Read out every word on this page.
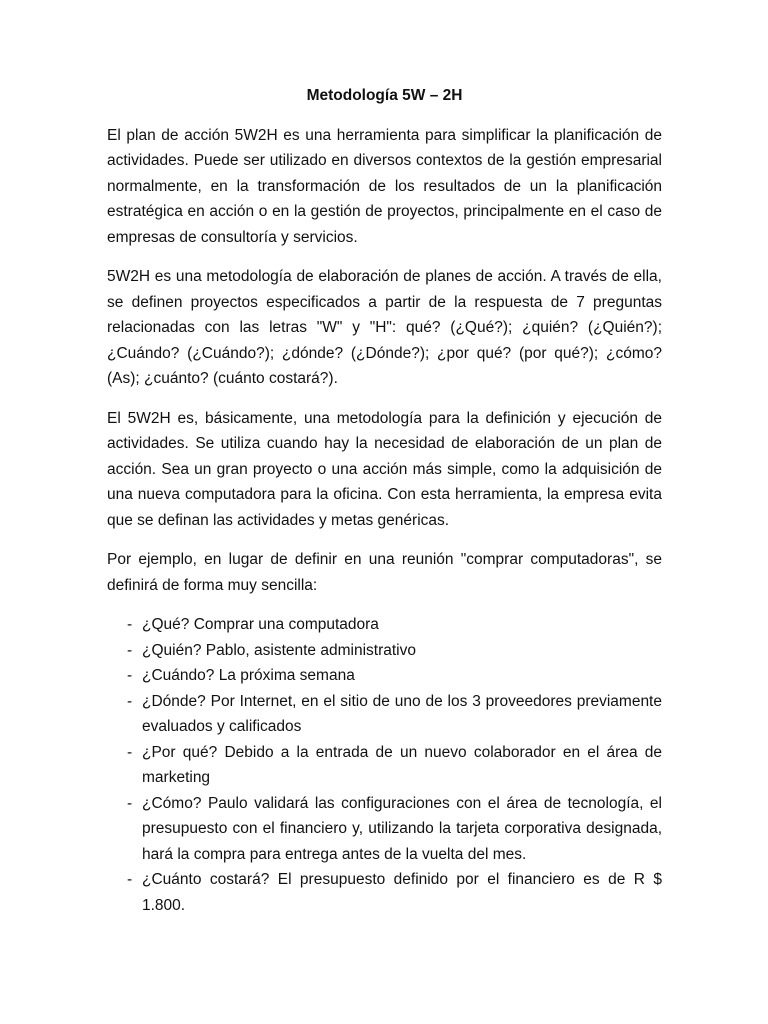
Metodología 5W – 2H

El plan de acción 5W2H es una herramienta para simplificar la planificación de actividades. Puede ser utilizado en diversos contextos de la gestión empresarial normalmente, en la transformación de los resultados de un la planificación estratégica en acción o en la gestión de proyectos, principalmente en el caso de empresas de consultoría y servicios.

5W2H es una metodología de elaboración de planes de acción. A través de ella, se definen proyectos especificados a partir de la respuesta de 7 preguntas relacionadas con las letras "W" y "H": qué? (¿Qué?); ¿quién? (¿Quién?); ¿Cuándo? (¿Cuándo?); ¿dónde? (¿Dónde?); ¿por qué? (por qué?); ¿cómo? (As); ¿cuánto? (cuánto costará?).

El 5W2H es, básicamente, una metodología para la definición y ejecución de actividades. Se utiliza cuando hay la necesidad de elaboración de un plan de acción. Sea un gran proyecto o una acción más simple, como la adquisición de una nueva computadora para la oficina. Con esta herramienta, la empresa evita que se definan las actividades y metas genéricas.

Por ejemplo, en lugar de definir en una reunión "comprar computadoras", se definirá de forma muy sencilla:

- ¿Qué? Comprar una computadora
- ¿Quién? Pablo, asistente administrativo
- ¿Cuándo? La próxima semana
- ¿Dónde? Por Internet, en el sitio de uno de los 3 proveedores previamente evaluados y calificados
- ¿Por qué? Debido a la entrada de un nuevo colaborador en el área de marketing
- ¿Cómo? Paulo validará las configuraciones con el área de tecnología, el presupuesto con el financiero y, utilizando la tarjeta corporativa designada, hará la compra para entrega antes de la vuelta del mes.
- ¿Cuánto costará? El presupuesto definido por el financiero es de R $ 1.800.
